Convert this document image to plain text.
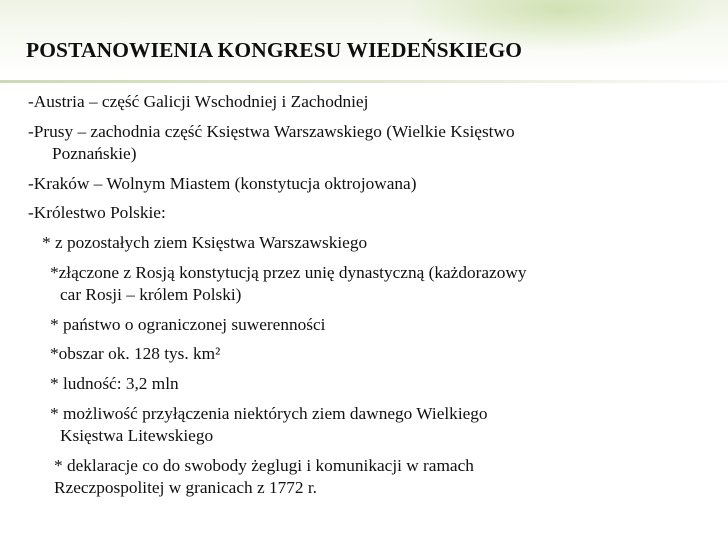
POSTANOWIENIA KONGRESU WIEDEŃSKIEGO

-Austria – część Galicji Wschodniej i Zachodniej

-Prusy – zachodnia część Księstwa Warszawskiego (Wielkie Księstwo

Poznańskie)

-Kraków – Wolnym Miastem (konstytucja oktrojowana)

-Królestwo Polskie:

* z pozostałych ziem Księstwa Warszawskiego

*złączone z Rosją konstytucją przez unię dynastyczną (każdorazowy

car Rosji – królem Polski)

* państwo o ograniczonej suwerenności

*obszar ok. 128 tys. km²

* ludność: 3,2 mln

* możliwość przyłączenia niektórych ziem dawnego Wielkiego

Księstwa Litewskiego

* deklaracje co do swobody żeglugi i komunikacji w ramach

Rzeczpospolitej w granicach z 1772 r.
